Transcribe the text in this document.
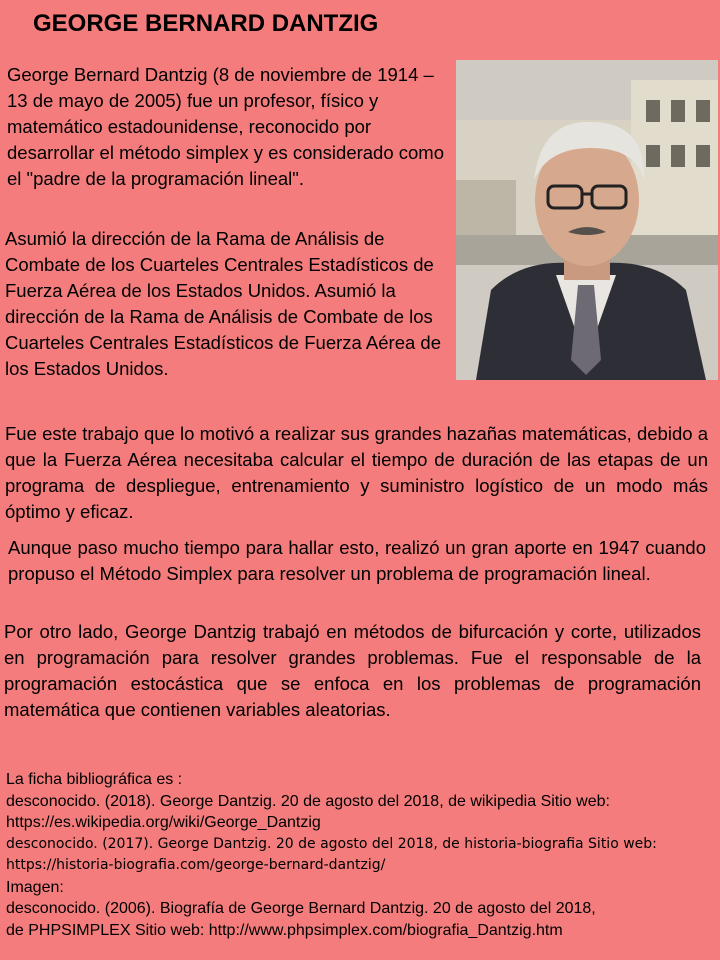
GEORGE BERNARD DANTZIG
George Bernard Dantzig (8 de noviembre de 1914 – 13 de mayo de 2005) fue un profesor, físico y matemático estadounidense, reconocido por desarrollar el método simplex y es considerado como el "padre de la programación lineal".
Asumió la dirección de la Rama de Análisis de Combate de los Cuarteles Centrales Estadísticos de Fuerza Aérea de los Estados Unidos. Asumió la dirección de la Rama de Análisis de Combate de los Cuarteles Centrales Estadísticos de Fuerza Aérea de los Estados Unidos.
Fue este trabajo que lo motivó a realizar sus grandes hazañas matemáticas, debido a que la Fuerza Aérea necesitaba calcular el tiempo de duración de las etapas de un programa de despliegue, entrenamiento y suministro logístico de un modo más óptimo y eficaz.
Aunque paso mucho tiempo para hallar esto, realizó un gran aporte en 1947 cuando propuso el Método Simplex para resolver un problema de programación lineal.
Por otro lado, George Dantzig trabajó en métodos de bifurcación y corte, utilizados en programación para resolver grandes problemas. Fue el responsable de la programación estocástica que se enfoca en los problemas de programación matemática que contienen variables aleatorias.
La ficha bibliográfica es :
desconocido. (2018). George Dantzig. 20 de agosto del 2018, de wikipedia Sitio web:
https://es.wikipedia.org/wiki/George_Dantzig
desconocido. (2017). George Dantzig. 20 de agosto del 2018, de historia-biografia Sitio web:
https://historia-biografia.com/george-bernard-dantzig/
Imagen:
desconocido. (2006). Biografía de George Bernard Dantzig. 20 de agosto del 2018,
de PHPSIMPLEX Sitio web: http://www.phpsimplex.com/biografia_Dantzig.htm
